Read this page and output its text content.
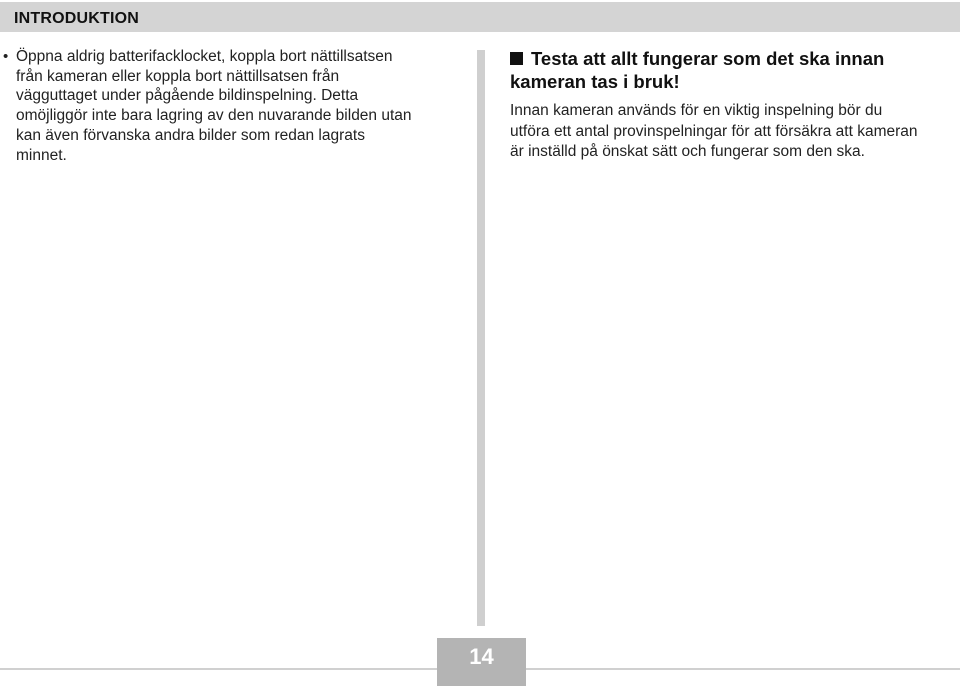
INTRODUKTION
• Öppna aldrig batterifacklocket, koppla bort nättillsatsen
från kameran eller koppla bort nättillsatsen från
vägguttaget under pågående bildinspelning. Detta
omöjliggör inte bara lagring av den nuvarande bilden utan
kan även förvanska andra bilder som redan lagrats
minnet.
Testa att allt fungerar som det ska innan
kameran tas i bruk!
Innan kameran används för en viktig inspelning bör du
utföra ett antal provinspelningar för att försäkra att kameran
är inställd på önskat sätt och fungerar som den ska.
14
